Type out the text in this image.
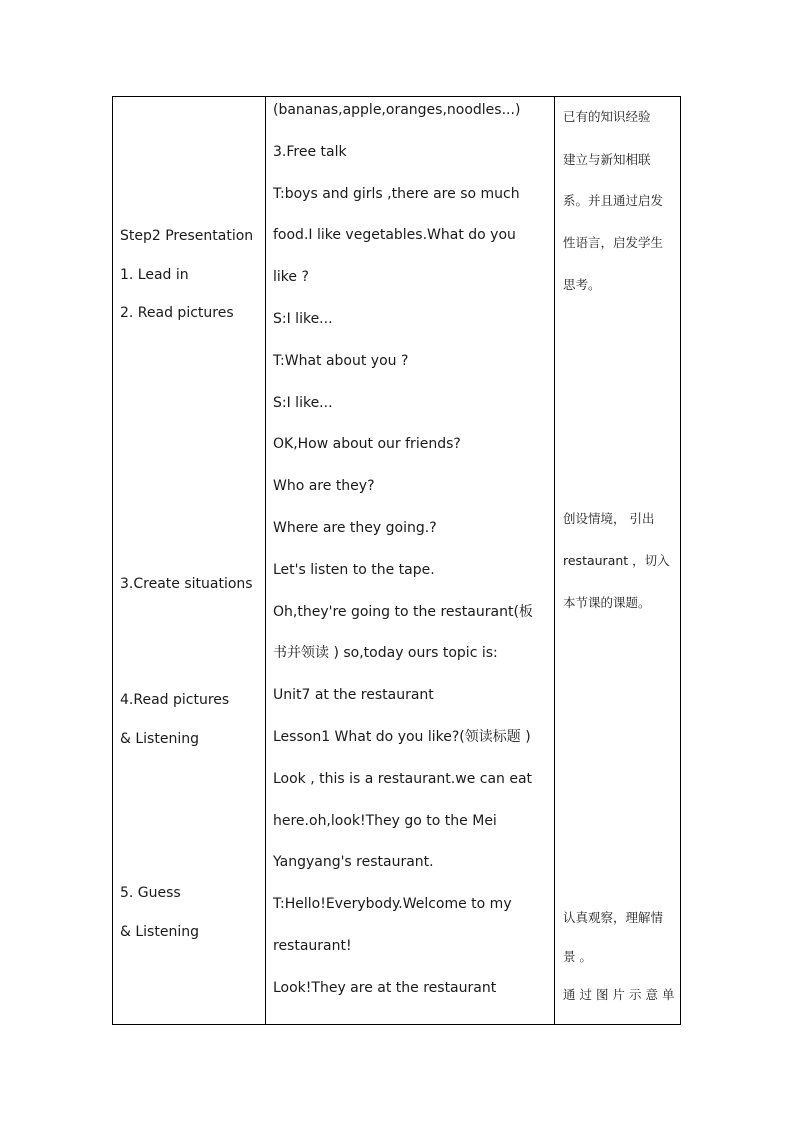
Step2 Presentation
1. Lead in
2. Read pictures
3.Create situations
4.Read pictures
& Listening
5. Guess
& Listening
(bananas,apple,oranges,noodles...)
3.Free talk
T:boys and girls ,there are so much
food.I like vegetables.What do you
like ?
S:I like...
T:What about you ?
S:I like...
OK,How about our friends?
Who are they?
Where are they going.?
Let's listen to the tape.
Oh,they're going to the restaurant(板
书并领读 ) so,today ours topic is:
Unit7 at the restaurant
Lesson1 What do you like?(领读标题 )
Look , this is a restaurant.we can eat
here.oh,look!They go to the Mei
Yangyang's restaurant.
T:Hello!Everybody.Welcome to my
restaurant!
Look!They are at the restaurant
已有的知识经验
建立与新知相联
系。并且通过启发
性语言，启发学生
思考。
创设情境， 引出
restaurant ，切入
本节课的课题。
认真观察，理解情
景 。
通过图片示意单
